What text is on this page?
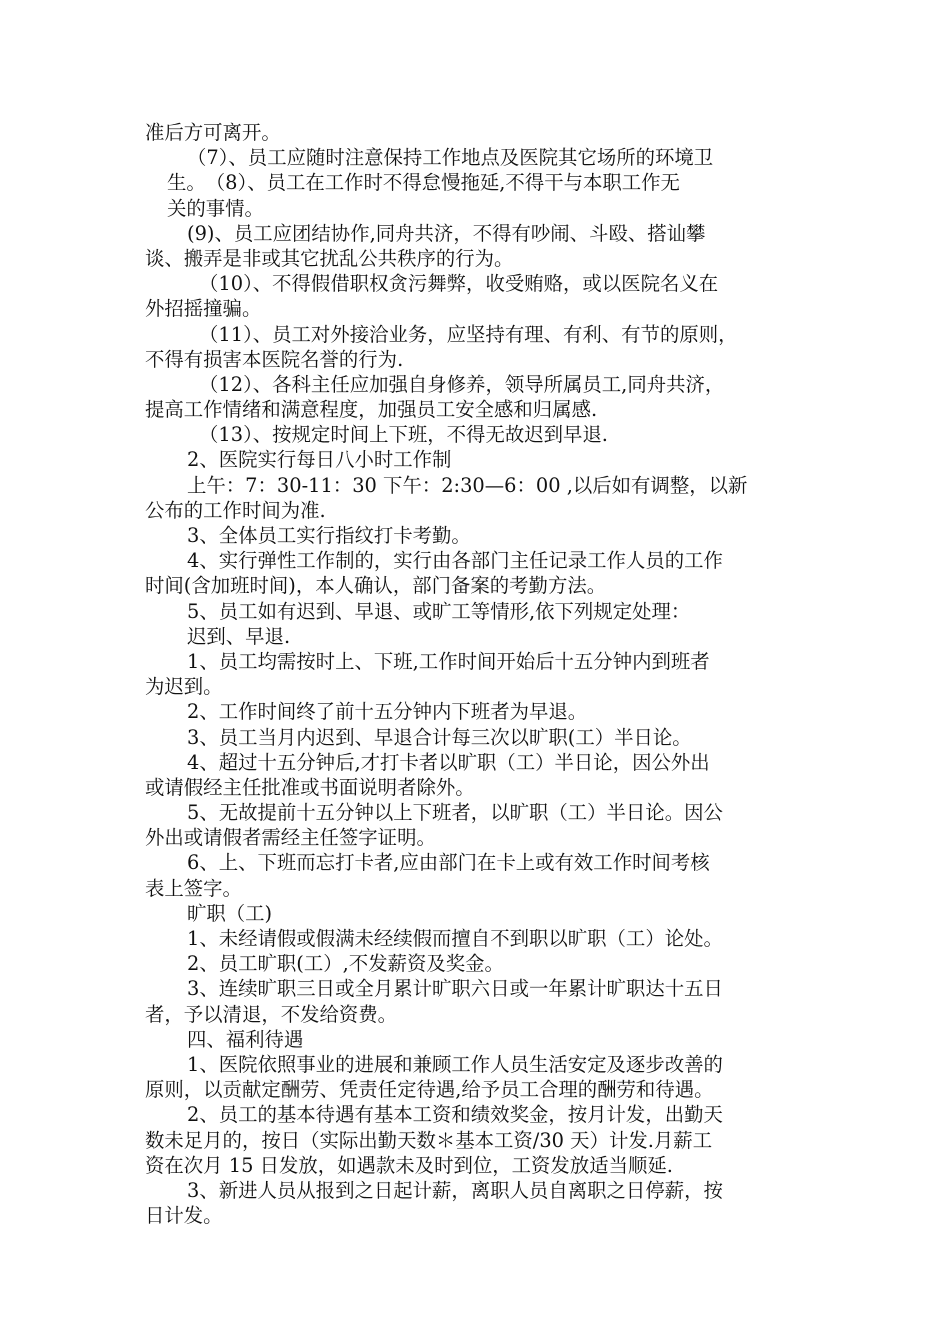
准后方可离开。
（7）、员工应随时注意保持工作地点及医院其它场所的环境卫
生。　（8）、员工在工作时不得怠慢拖延,不得干与本职工作无
关的事情。
(9)、员工应团结协作,同舟共济，不得有吵闹、斗殴、搭讪攀
谈、搬弄是非或其它扰乱公共秩序的行为。
（10）、不得假借职权贪污舞弊，收受贿赂，或以医院名义在
外招摇撞骗。
（11）、员工对外接洽业务，应坚持有理、有利、有节的原则，
不得有损害本医院名誉的行为.
（12）、各科主任应加强自身修养，领导所属员工,同舟共济，
提高工作情绪和满意程度，加强员工安全感和归属感.
（13）、按规定时间上下班，不得无故迟到早退.
2、医院实行每日八小时工作制
上午：7：30-11：30 下午：2:30—6：00 ,以后如有调整，以新
公布的工作时间为准.
3、全体员工实行指纹打卡考勤。
4、实行弹性工作制的，实行由各部门主任记录工作人员的工作
时间(含加班时间)，本人确认，部门备案的考勤方法。
5、员工如有迟到、早退、或旷工等情形,依下列规定处理：
迟到、早退.
1、员工均需按时上、下班,工作时间开始后十五分钟内到班者
为迟到。
2、工作时间终了前十五分钟内下班者为早退。
3、员工当月内迟到、早退合计每三次以旷职(工）半日论。
4、超过十五分钟后,才打卡者以旷职（工）半日论，因公外出
或请假经主任批准或书面说明者除外。
5、无故提前十五分钟以上下班者，以旷职（工）半日论。因公
外出或请假者需经主任签字证明。
6、上、下班而忘打卡者,应由部门在卡上或有效工作时间考核
表上签字。
旷职（工)
1、未经请假或假满未经续假而擅自不到职以旷职（工）论处。
2、员工旷职(工）,不发薪资及奖金。
3、连续旷职三日或全月累计旷职六日或一年累计旷职达十五日
者，予以清退，不发给资费。
四、福利待遇
1、医院依照事业的进展和兼顾工作人员生活安定及逐步改善的
原则，以贡献定酬劳、凭责任定待遇,给予员工合理的酬劳和待遇。
2、员工的基本待遇有基本工资和绩效奖金，按月计发，出勤天
数未足月的，按日（实际出勤天数＊基本工资/30 天）计发.月薪工
资在次月 15 日发放，如遇款未及时到位，工资发放适当顺延.
3、新进人员从报到之日起计薪，离职人员自离职之日停薪，按
日计发。
